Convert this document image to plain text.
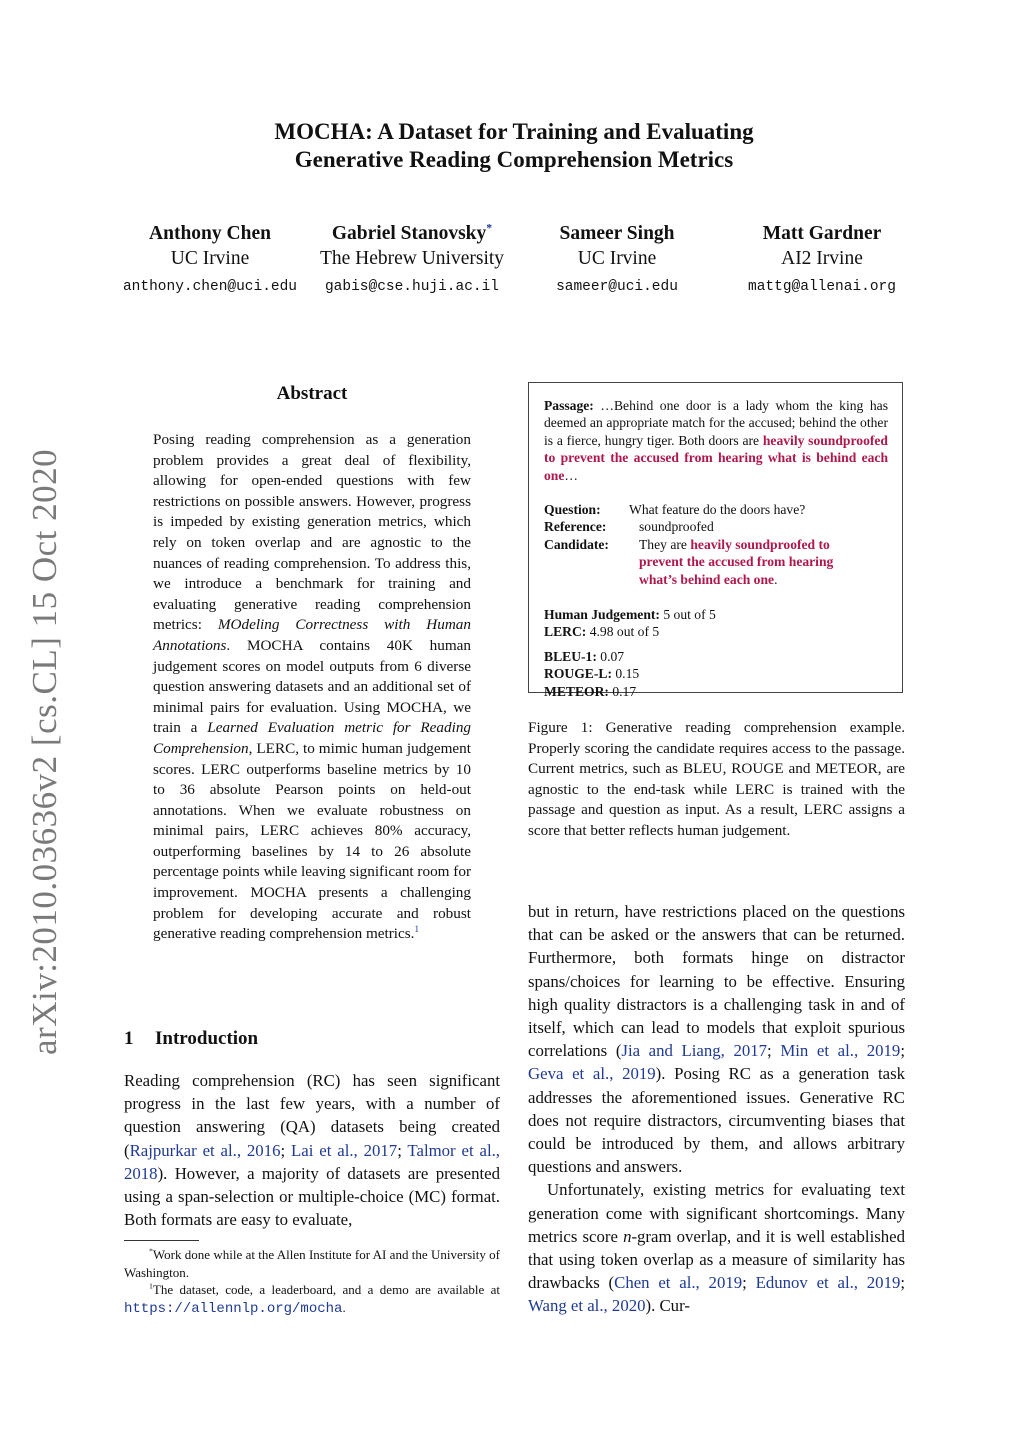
arXiv:2010.03636v2 [cs.CL] 15 Oct 2020
MOCHA: A Dataset for Training and Evaluating
Generative Reading Comprehension Metrics
Anthony Chen
UC Irvine
anthony.chen@uci.edu
Gabriel Stanovsky*
The Hebrew University
gabis@cse.huji.ac.il
Sameer Singh
UC Irvine
sameer@uci.edu
Matt Gardner
AI2 Irvine
mattg@allenai.org
Abstract
Posing reading comprehension as a generation problem provides a great deal of flexibility, allowing for open-ended questions with few restrictions on possible answers. However, progress is impeded by existing generation metrics, which rely on token overlap and are agnostic to the nuances of reading comprehension. To address this, we introduce a benchmark for training and evaluating generative reading comprehension metrics: MOdeling Correctness with Human Annotations. MOCHA contains 40K human judgement scores on model outputs from 6 diverse question answering datasets and an additional set of minimal pairs for evaluation. Using MOCHA, we train a Learned Evaluation metric for Reading Comprehension, LERC, to mimic human judgement scores. LERC outperforms baseline metrics by 10 to 36 absolute Pearson points on held-out annotations. When we evaluate robustness on minimal pairs, LERC achieves 80% accuracy, outperforming baselines by 14 to 26 absolute percentage points while leaving significant room for improvement. MOCHA presents a challenging problem for developing accurate and robust generative reading comprehension metrics.$^1$
1 Introduction
Reading comprehension (RC) has seen significant progress in the last few years, with a number of question answering (QA) datasets being created (Rajpurkar et al., 2016; Lai et al., 2017; Talmor et al., 2018). However, a majority of datasets are presented using a span-selection or multiple-choice (MC) format. Both formats are easy to evaluate,
*Work done while at the Allen Institute for AI and the University of Washington.
$^1$The dataset, code, a leaderboard, and a demo are available at https://allennlp.org/mocha.
Passage: …Behind one door is a lady whom the king has deemed an appropriate match for the accused; behind the other is a fierce, hungry tiger. Both doors are heavily soundproofed to prevent the accused from hearing what is behind each one…
Question:	What feature do the doors have?
Reference:	soundproofed
Candidate:	They are heavily soundproofed to prevent the accused from hearing what’s behind each one.
Human Judgement: 5 out of 5
LERC: 4.98 out of 5
BLEU-1: 0.07
ROUGE-L: 0.15
METEOR: 0.17
Figure 1: Generative reading comprehension example. Properly scoring the candidate requires access to the passage. Current metrics, such as BLEU, ROUGE and METEOR, are agnostic to the end-task while LERC is trained with the passage and question as input. As a result, LERC assigns a score that better reflects human judgement.
but in return, have restrictions placed on the questions that can be asked or the answers that can be returned. Furthermore, both formats hinge on distractor spans/choices for learning to be effective. Ensuring high quality distractors is a challenging task in and of itself, which can lead to models that exploit spurious correlations (Jia and Liang, 2017; Min et al., 2019; Geva et al., 2019). Posing RC as a generation task addresses the aforementioned issues. Generative RC does not require distractors, circumventing biases that could be introduced by them, and allows arbitrary questions and answers.
Unfortunately, existing metrics for evaluating text generation come with significant shortcomings. Many metrics score n-gram overlap, and it is well established that using token overlap as a measure of similarity has drawbacks (Chen et al., 2019; Edunov et al., 2019; Wang et al., 2020). Cur-
